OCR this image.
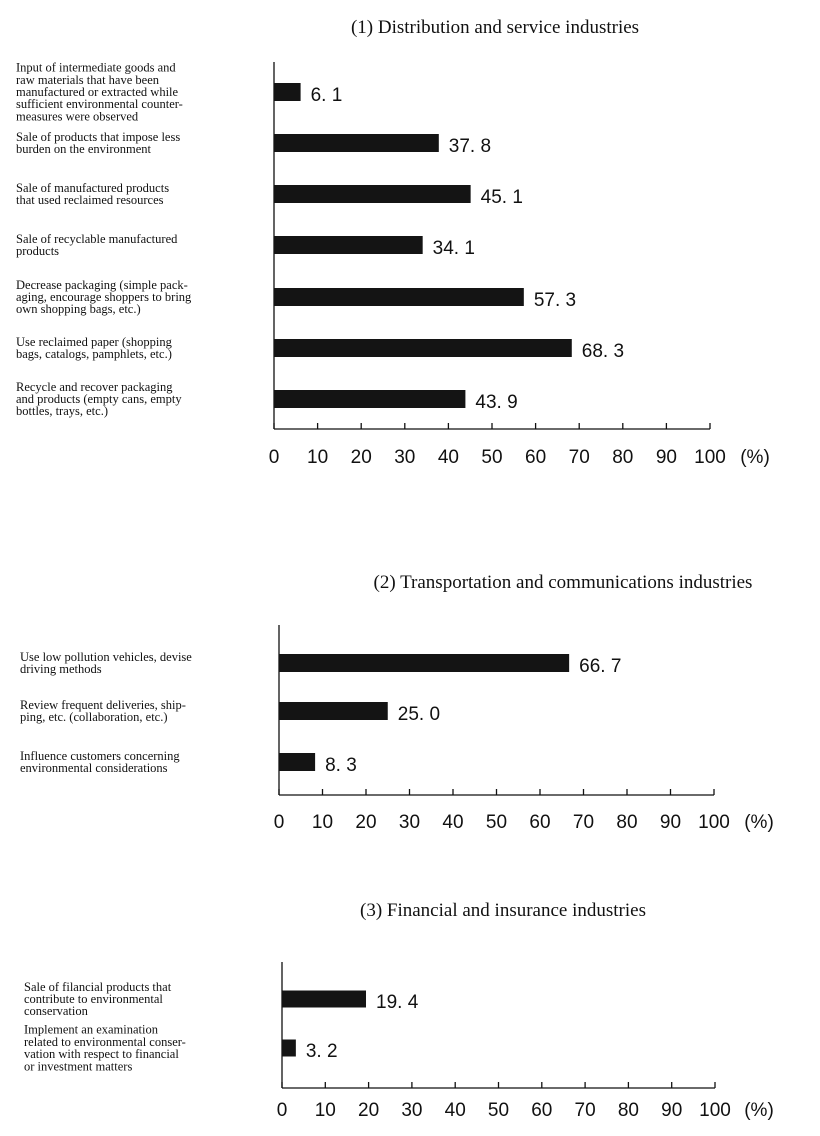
(1) Distribution and service industries
0 10 20 30 40 50 60 70 80 90 100 (%)
6. 1
Input of intermediate goods and
raw materials that have been
manufactured or extracted while
sufficient environmental counter-
measures were observed
37. 8
Sale of products that impose less
burden on the environment
45. 1
Sale of manufactured products
that used reclaimed resources
34. 1
Sale of recyclable manufactured
products
57. 3
Decrease packaging (simple pack-
aging, encourage shoppers to bring
own shopping bags, etc.)
68. 3
Use reclaimed paper (shopping
bags, catalogs, pamphlets, etc.)
43. 9
Recycle and recover packaging
and products (empty cans, empty
bottles, trays, etc.)
(2) Transportation and communications industries
0 10 20 30 40 50 60 70 80 90 100 (%)
66. 7
Use low pollution vehicles, devise
driving methods
25. 0
Review frequent deliveries, ship-
ping, etc. (collaboration, etc.)
8. 3
Influence customers concerning
environmental considerations
(3) Financial and insurance industries
0 10 20 30 40 50 60 70 80 90 100 (%)
19. 4
Sale of filancial products that
contribute to environmental
conservation
3. 2
Implement an examination
related to environmental conser-
vation with respect to financial
or investment matters
